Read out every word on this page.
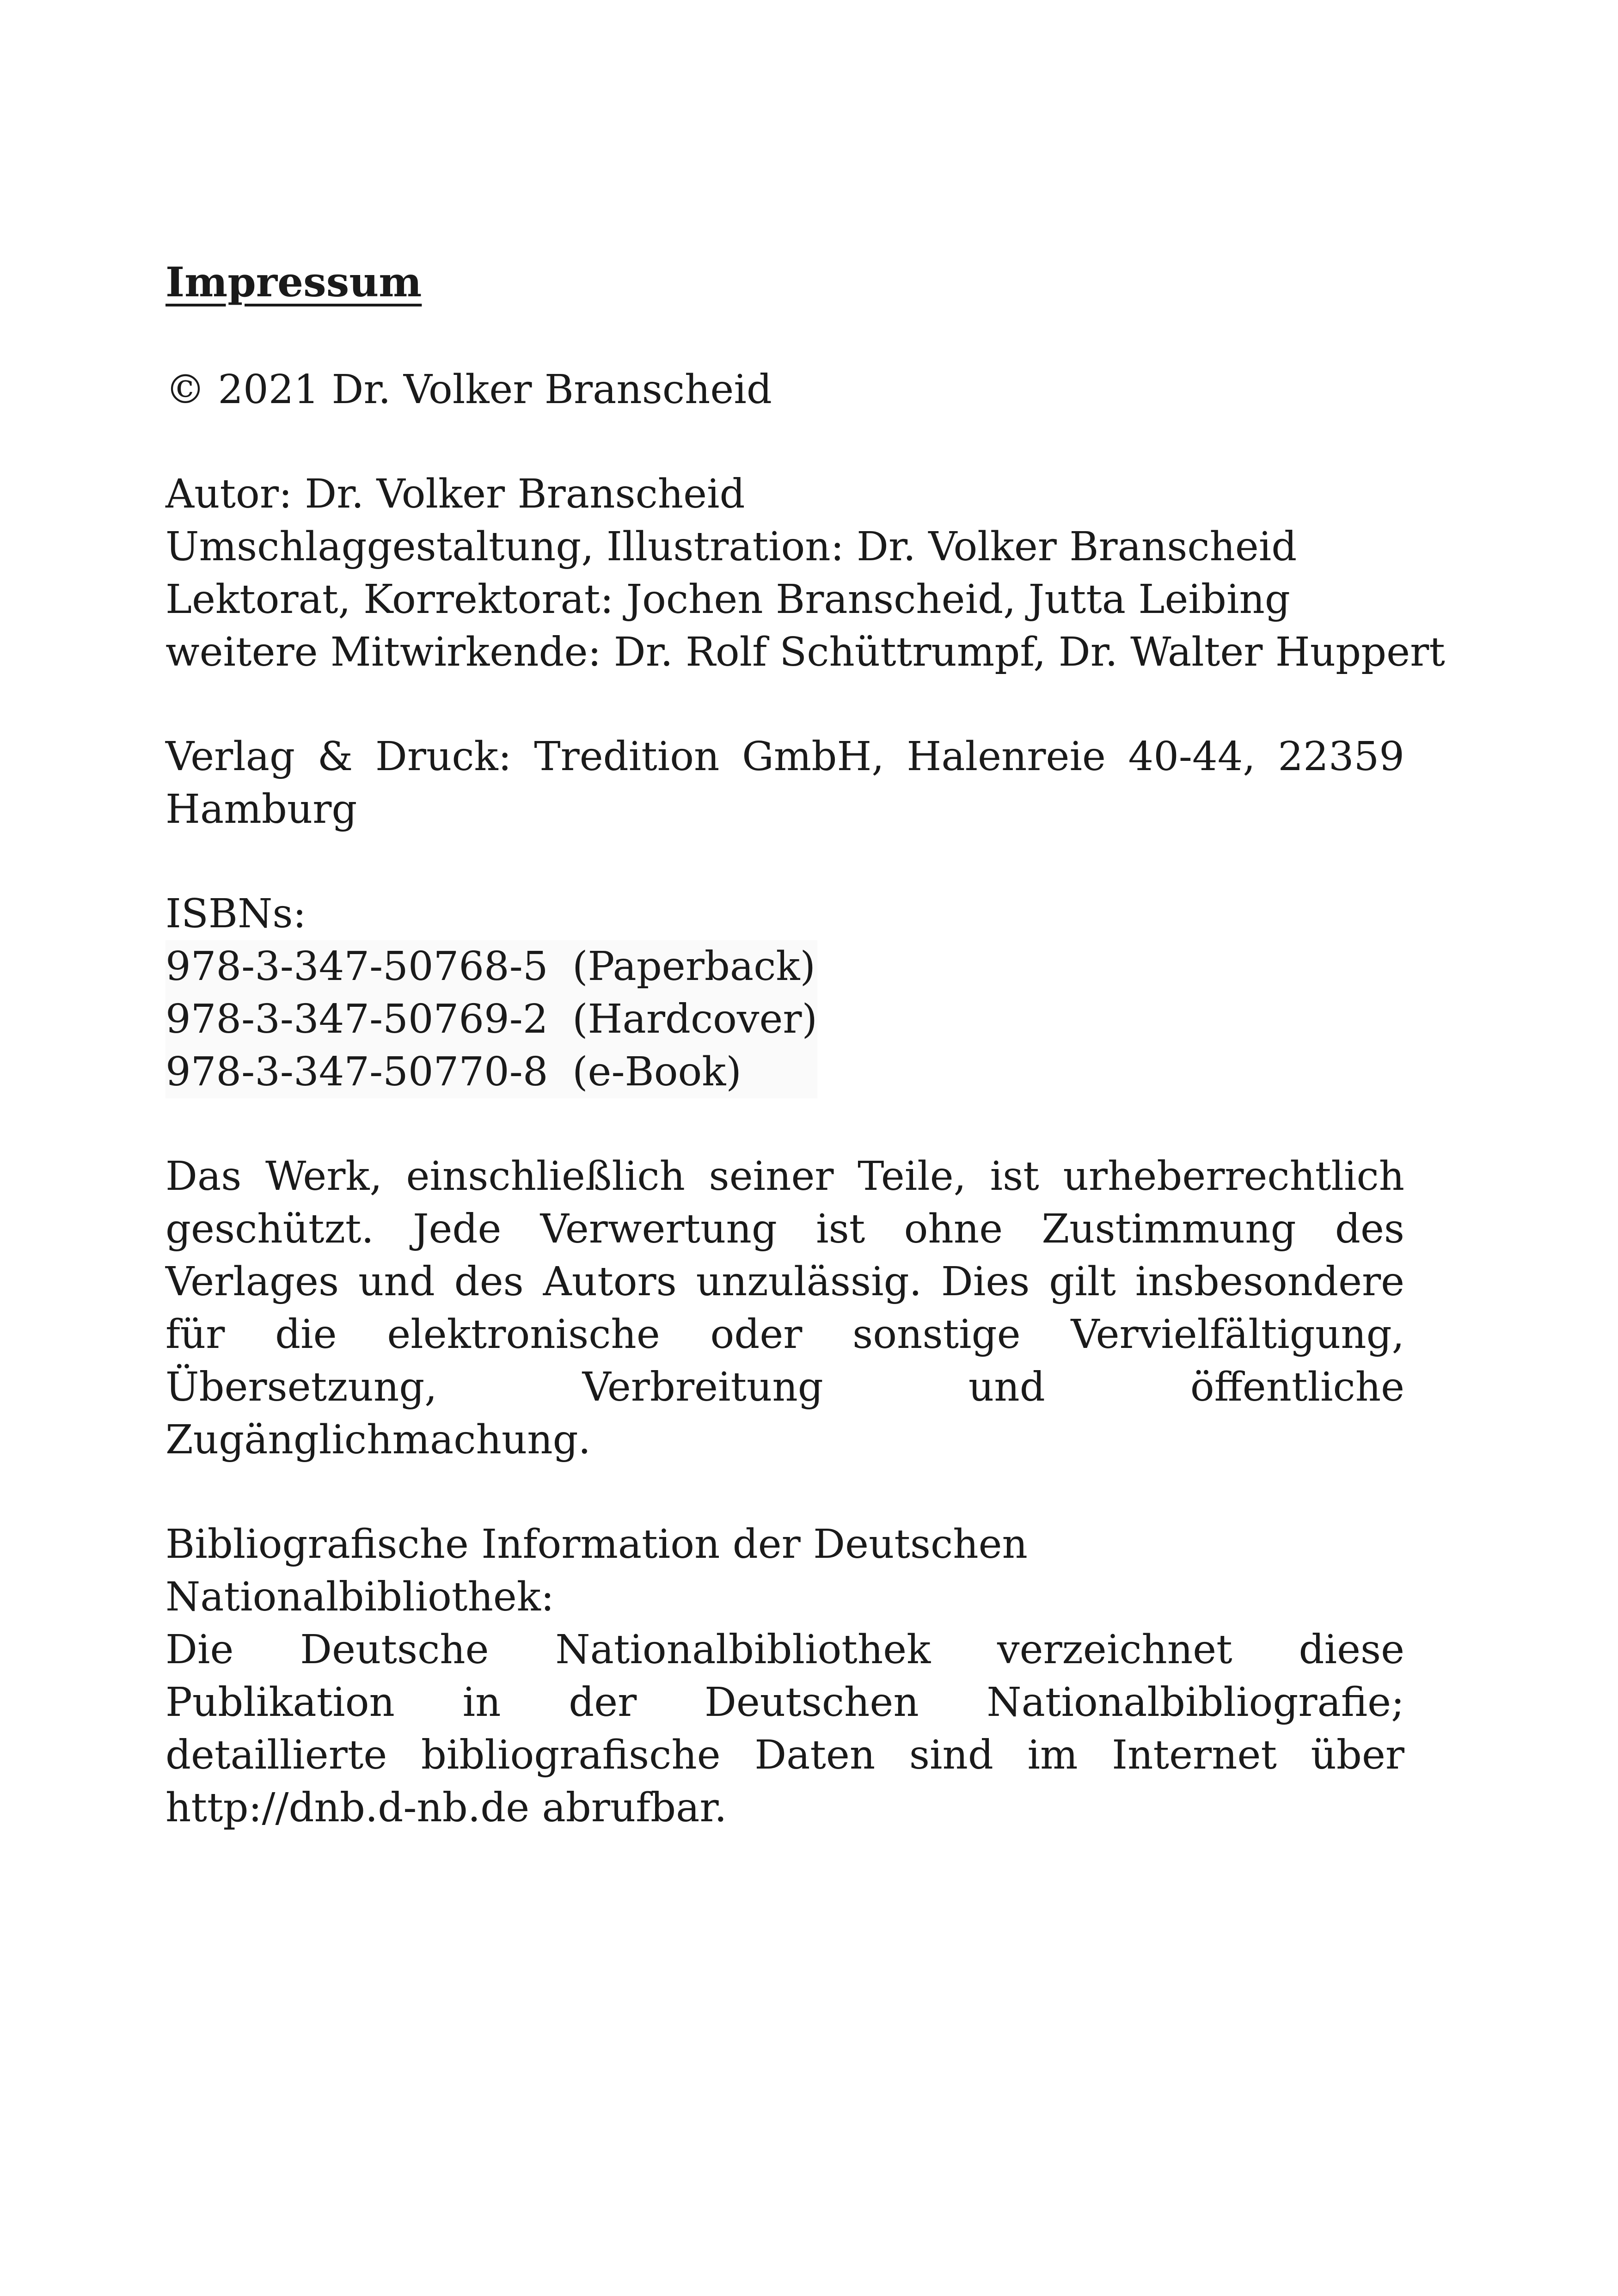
Impressum
© 2021 Dr. Volker Branscheid
Autor: Dr. Volker Branscheid
Umschlaggestaltung, Illustration: Dr. Volker Branscheid
Lektorat, Korrektorat: Jochen Branscheid, Jutta Leibing
weitere Mitwirkende: Dr. Rolf Schüttrumpf, Dr. Walter Huppert
Verlag & Druck: Tredition GmbH, Halenreie 40-44, 22359 Hamburg
ISBNs:
978-3-347-50768-5	(Paperback)
978-3-347-50769-2	(Hardcover)
978-3-347-50770-8	(e-Book)
Das Werk, einschließlich seiner Teile, ist urheberrechtlich geschützt. Jede Verwertung ist ohne Zustimmung des Verlages und des Autors unzulässig. Dies gilt insbesondere für die elektronische oder sonstige Vervielfältigung, Übersetzung, Verbreitung und öffentliche Zugänglichmachung.
Bibliografische Information der Deutschen Nationalbibliothek:
Die Deutsche Nationalbibliothek verzeichnet diese Publikation in der Deutschen Nationalbibliografie; detaillierte bibliografische Daten sind im Internet über http://dnb.d-nb.de abrufbar.
